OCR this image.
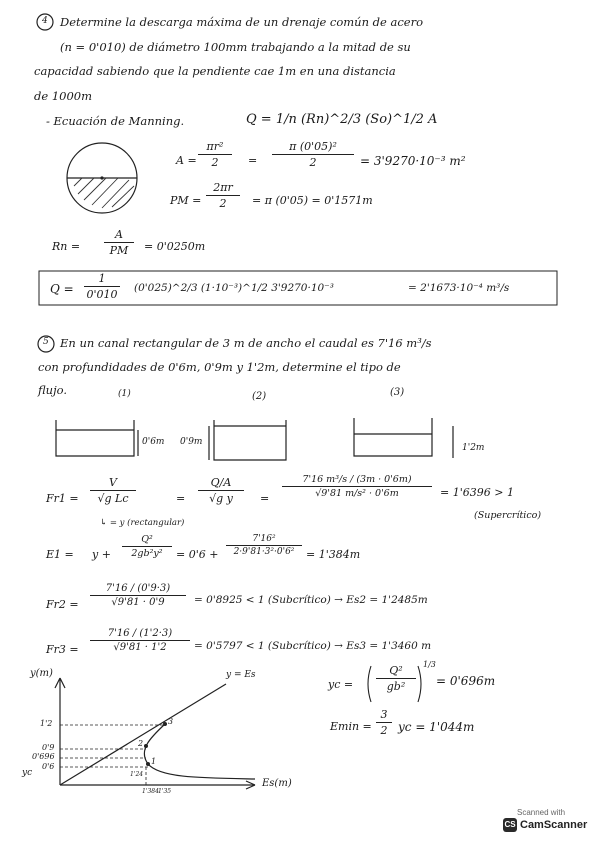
4 Determine la descarga máxima de un drenaje común de acero
(n = 0'010) de diámetro 100mm trabajando a la mitad de su
capacidad sabiendo que la pendiente cae 1m en una distancia
de 1000m
- Ecuación de Manning.	Q = 1/n (Rn)^2/3 (So)^1/2 A
$A = \frac{\text{πr²}}{2} = \frac{\text{π (0'05)²}}{2} = 3'9270\cdot 10^{-3}$ m²
PM = $\frac{2\pi r}{2} = \pi$ (0'05) = 0'1571m
$Rn = \frac{A}{PM} = 0'0250m$
$Q = \frac{1}{0'010}$ (0'025)^2/3 (1·10⁻³)^1/2 3'9270·10⁻³	= 2'1673·10⁻⁴ m³/s
5 En un canal rectangular de 3 m de ancho el caudal es 7'16 m³/s
con profundidades de 0'6m, 0'9m y 1'2m, determine el tipo de
flujo.	(1)	(2)	(3)
0'6m 0'9m
1'2m
$Fr1 = \frac{V}{\text{√g Lc}}$
↳ = y (rectangular)
= $\frac{Q/A}{\text{√g y}} = \frac{\text{7'16 m³/s / (3m · 0'6m)}}{\text{√9'81 m/s² · 0'6m}} = 1'6396 > 1$
(Supercrítico)
$E1 = y + \frac{\text{Q²}}{\text{2gb²y²}} = 0'6 + \frac{\text{7'16²}}{\text{2·9'81·3²·0'6²}} = 1'384m$
$Fr2 = \frac{7'16 / (0'9\cdot 3)}{√9'81 \cdot 0'9} = 0'8925 < 1$ (Subcrítico) → Es2 = 1'2485m
$Fr3 = \frac{7'16 / (1'2\cdot 3)}{√9'81 \cdot 1'2} = 0'5797 < 1$ (Subcrítico) → Es3 = 1'3460 m
yc = $\frac{\text{Q²}}{\text{gb²}} 1/3$
= 0'696m
$Emin = \frac{3}{2}$ yc = 1'044m
y(m)
Es(m)
y = Es
1'2
0'9
0'696
0'6
yc	1'24
1'384 1'35
1
2
3
Scanned with
CS CamScanner
